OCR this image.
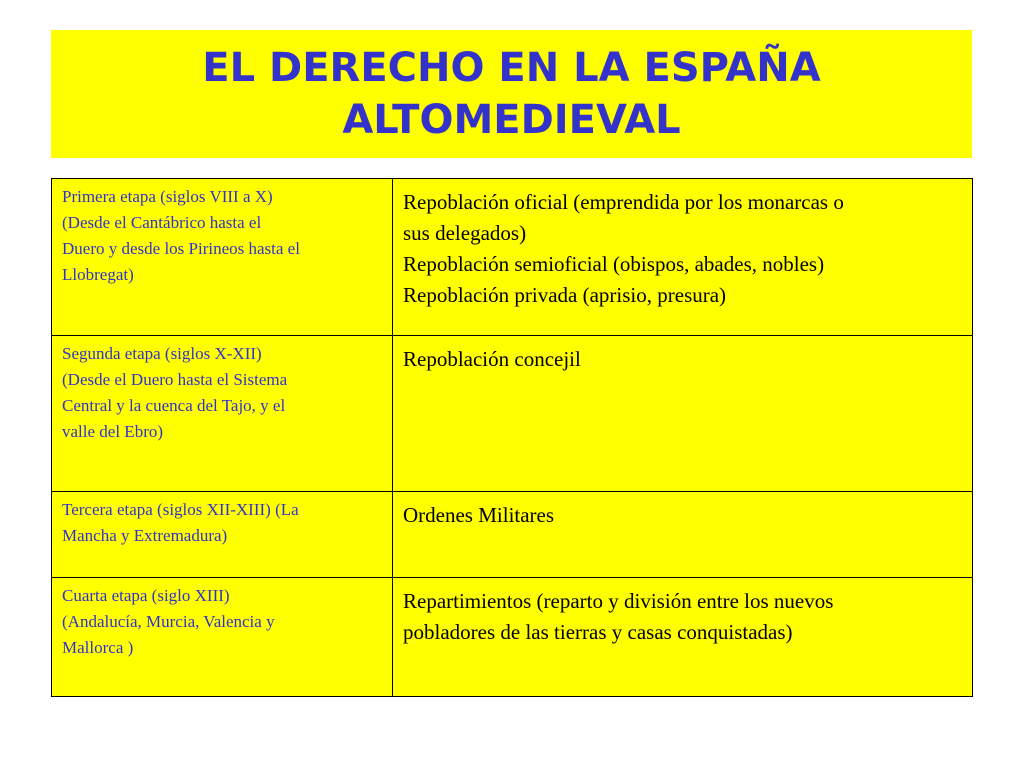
EL DERECHO EN LA ESPAÑA
ALTOMEDIEVAL
Primera etapa (siglos VIII a X)
(Desde el Cantábrico hasta el
Duero y desde los Pirineos hasta el
Llobregat)	Repoblación oficial (emprendida por los monarcas o
sus delegados)
Repoblación semioficial (obispos, abades, nobles)
Repoblación privada (aprisio, presura)

Segunda etapa (siglos X-XII)
(Desde el Duero hasta el Sistema
Central y la cuenca del Tajo, y el
valle del Ebro)	Repoblación concejil

Tercera etapa (siglos XII-XIII) (La
Mancha y Extremadura)	Ordenes Militares

Cuarta etapa (siglo XIII)
(Andalucía, Murcia, Valencia y
Mallorca )	Repartimientos (reparto y división entre los nuevos
pobladores de las tierras y casas conquistadas)
